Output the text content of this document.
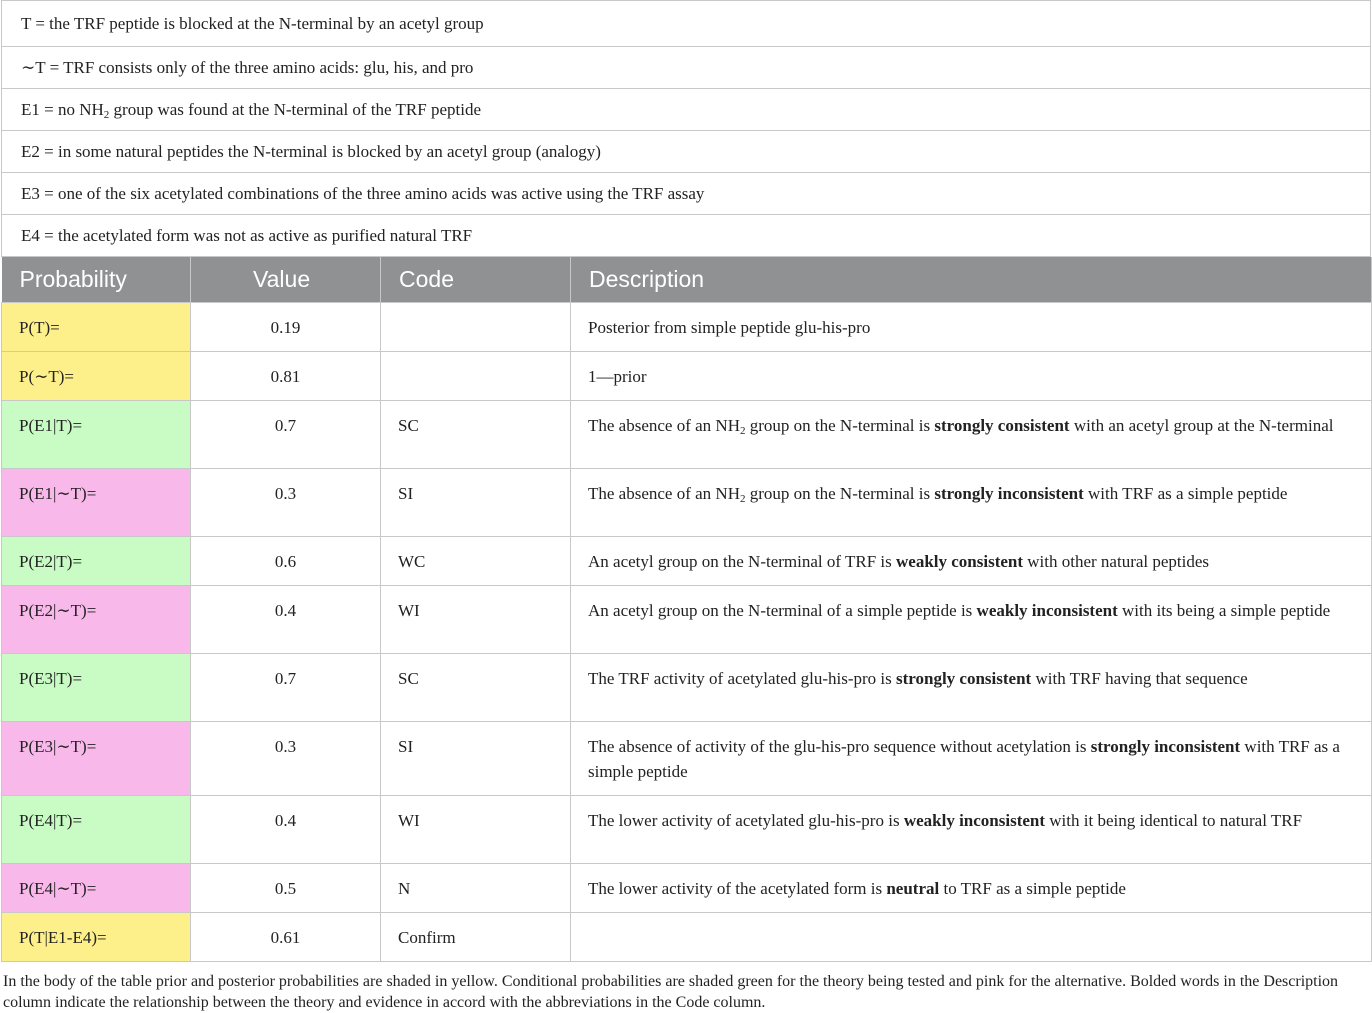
T = the TRF peptide is blocked at the N-terminal by an acetyl group
∼T = TRF consists only of the three amino acids: glu, his, and pro
E1 = no $NH_2$ group was found at the N-terminal of the TRF peptide
E2 = in some natural peptides the N-terminal is blocked by an acetyl group (analogy)
E3 = one of the six acetylated combinations of the three amino acids was active using the TRF assay
E4 = the acetylated form was not as active as purified natural TRF
Probability	Value	Code	Description
P(T)=	0.19		Posterior from simple peptide glu-his-pro
P(∼T)=	0.81		1—prior
P(E1|T)=	0.7	SC	The absence of an $NH_2$ group on the N-terminal is strongly consistent with an acetyl group at the N-terminal
P(E1|∼T)=	0.3	SI	The absence of an $NH_2$ group on the N-terminal is strongly inconsistent with TRF as a simple peptide
P(E2|T)=	0.6	WC	An acetyl group on the N-terminal of TRF is weakly consistent with other natural peptides
P(E2|∼T)=	0.4	WI	An acetyl group on the N-terminal of a simple peptide is weakly inconsistent with its being a simple peptide
P(E3|T)=	0.7	SC	The TRF activity of acetylated glu-his-pro is strongly consistent with TRF having that sequence
P(E3|∼T)=	0.3	SI	The absence of activity of the glu-his-pro sequence without acetylation is strongly inconsistent with TRF as a simple peptide
P(E4|T)=	0.4	WI	The lower activity of acetylated glu-his-pro is weakly inconsistent with it being identical to natural TRF
P(E4|∼T)=	0.5	N	The lower activity of the acetylated form is neutral to TRF as a simple peptide
P(T|E1-E4)=	0.61	Confirm	
In the body of the table prior and posterior probabilities are shaded in yellow. Conditional probabilities are shaded green for the theory being tested and pink for the alternative. Bolded words in the Description column indicate the relationship between the theory and evidence in accord with the abbreviations in the Code column.
